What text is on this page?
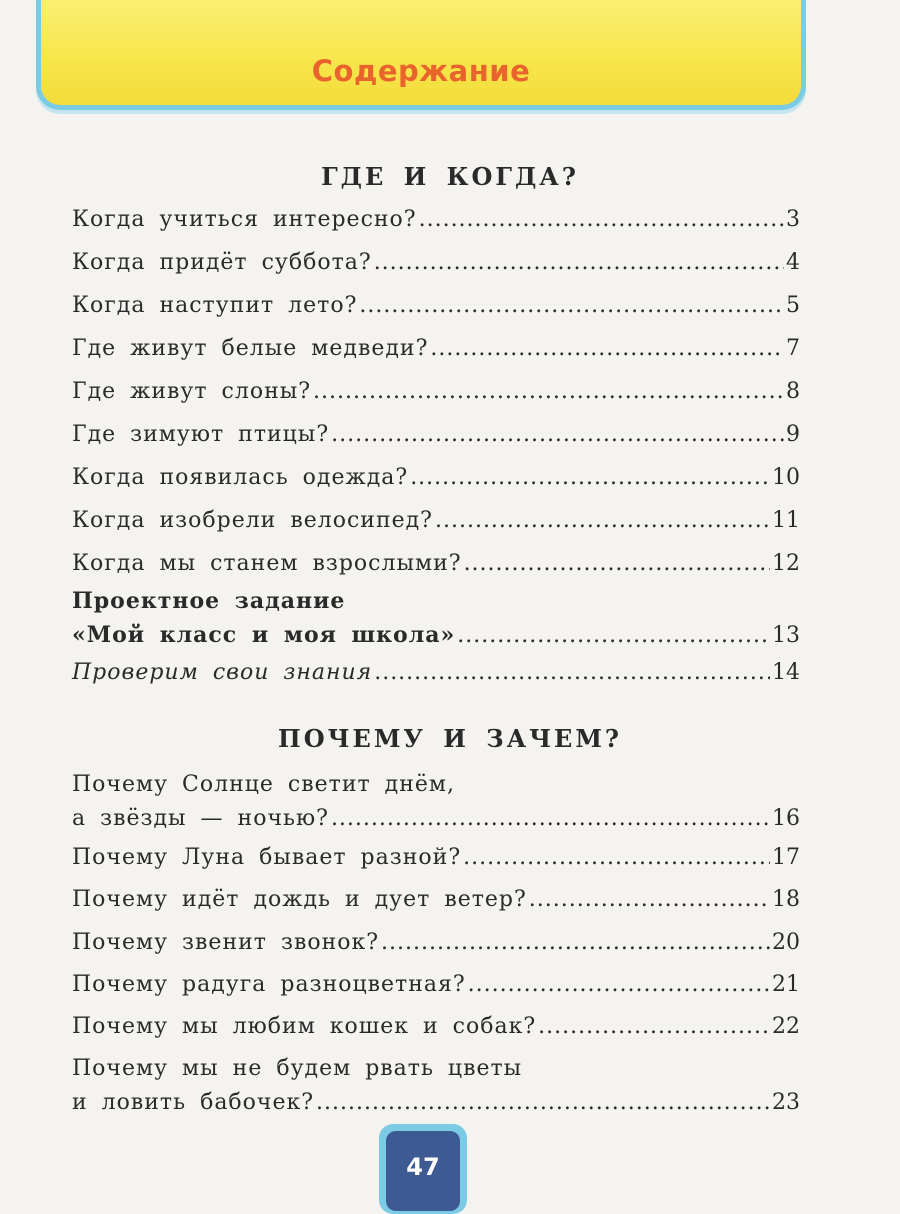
Содержание
ГДЕ И КОГДА?
Когда учиться интересно? .....	3
Когда придёт суббота? .....	4
Когда наступит лето? .....	5
Где живут белые медведи? .....	7
Где живут слоны? .....	8
Где зимуют птицы? .....	9
Когда появилась одежда? .....	10
Когда изобрели велосипед? .....	11
Когда мы станем взрослыми? .....	12
Проектное задание
«Мой класс и моя школа» .....	13
Проверим свои знания .....	14
ПОЧЕМУ И ЗАЧЕМ?
Почему Солнце светит днём,
а звёзды — ночью? .....	16
Почему Луна бывает разной? .....	17
Почему идёт дождь и дует ветер? .....	18
Почему звенит звонок? .....	20
Почему радуга разноцветная? .....	21
Почему мы любим кошек и собак? .....	22
Почему мы не будем рвать цветы
и ловить бабочек? .....	23
47
